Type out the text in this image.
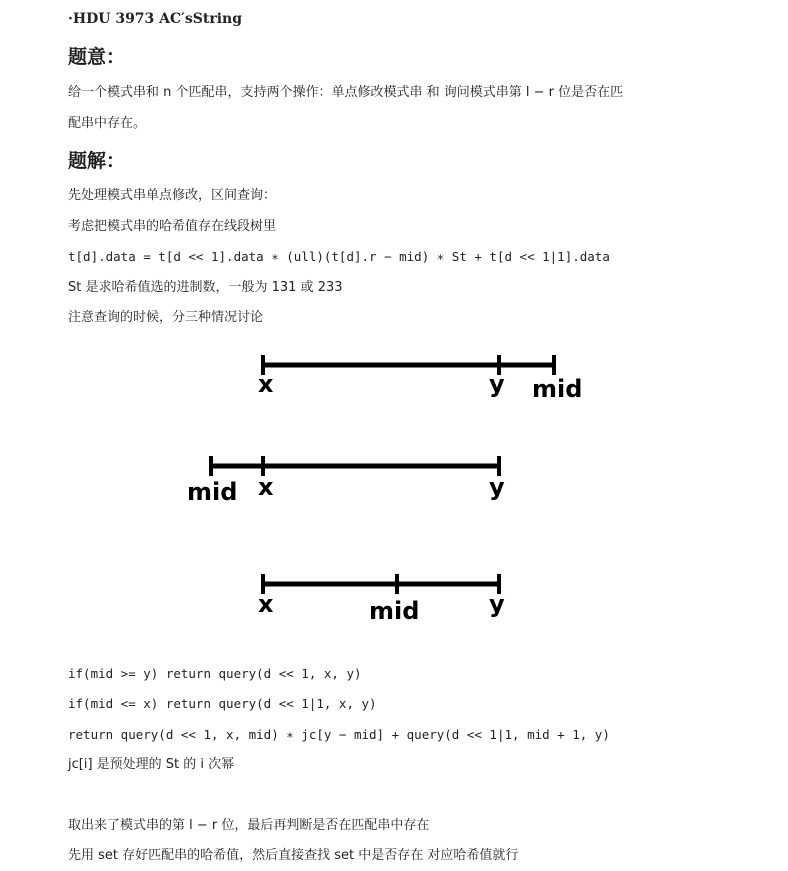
·HDU 3973 AC′sString
题意：
给一个模式串和 n 个匹配串，支持两个操作：单点修改模式串 和 询问模式串第 l − r 位是否在匹
配串中存在。
题解：
先处理模式串单点修改，区间查询：
考虑把模式串的哈希值存在线段树里
t[d].data = t[d << 1].data ∗ (ull)(t[d].r − mid) ∗ St + t[d << 1|1].data
St 是求哈希值选的进制数，一般为 131 或 233
注意查询的时候，分三种情况讨论
x	y mid
mid x	y
x	mid	y
if(mid >= y) return query(d << 1, x, y)
if(mid <= x) return query(d << 1|1, x, y)
return query(d << 1, x, mid) ∗ jc[y − mid] + query(d << 1|1, mid + 1, y)
jc[i] 是预处理的 St 的 i 次幂
取出来了模式串的第 l − r 位，最后再判断是否在匹配串中存在
先用 set 存好匹配串的哈希值，然后直接查找 set 中是否存在 对应哈希值就行
